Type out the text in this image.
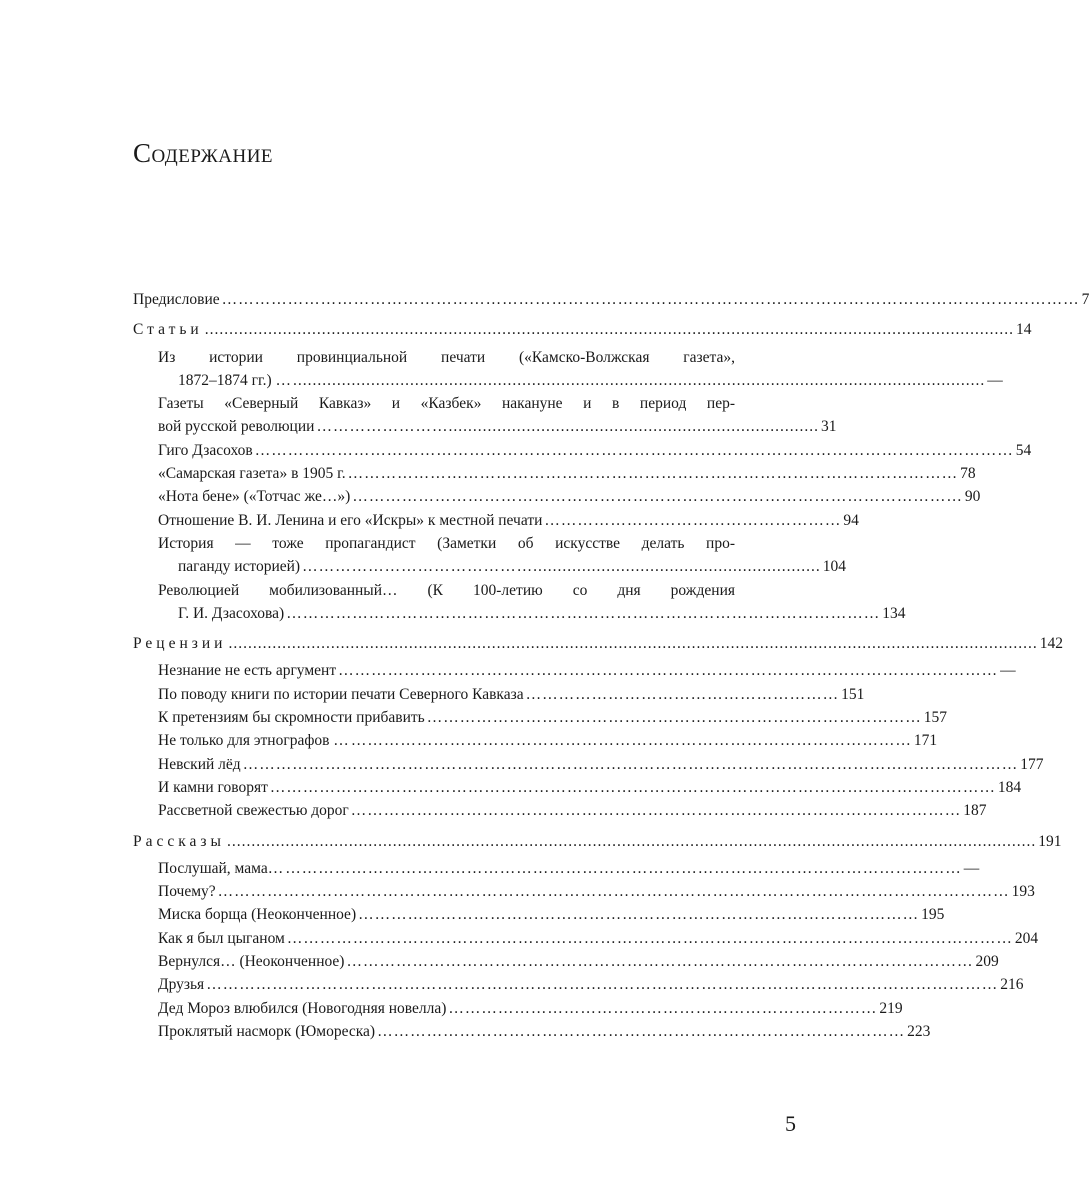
Содержание
Предисловие ………………………………………………………………………………………………………………………………………… 7
Статьи ...................................................................................................................................................................... 14
Из истории провинциальной печати («Камско-Волжская газета»,
1872–1874 гг.) … .............................................................................................................................................. —
Газеты «Северный Кавказ» и «Казбек» накануне и в период пер-
вой русской революции ……………………............................................................................ 31
Гиго Дзасохов ………………………………………………………………………………………………………………………… 54
«Самарская газета» в 1905 г. ………………………………………………………………………………………………… 78
«Нота бене» («Тотчас же…») ………………………………………………………………………………………………… 90
Отношение В. И. Ленина и его «Искры» к местной печати ……………………………………………… 94
История — тоже пропагандист (Заметки об искусстве делать про-
паганду историей) ……………………………………........................................................... 104
Революцией мобилизованный… (К 100-летию со дня рождения
Г. И. Дзасохова) ……………………………………………………………………………………………… 134
Рецензии ...................................................................................................................................................................... 142
Незнание не есть аргумент ………………………………………………………………………………………………………… —
По поводу книги по истории печати Северного Кавказа ………………………………………………… 151
К претензиям бы скромности прибавить ……………………………………………………………………………… 157
Не только для этнографов … ………………………………………………………………………………………… 171
Невский лёд …………………………………………………………………………………………………………………………… 177
И камни говорят …………………………………………………………………………………………………………………… 184
Рассветной свежестью дорог ………………………………………………………………………………………………… 187
Рассказы ...................................................................................................................................................................... 191
Послушай, мама… …………………………………………………………………………………………………………… —
Почему? ……………………………………………………………………………………………………………………………… 193
Миска борща (Неоконченное) ………………………………………………………………………………………… 195
Как я был цыганом …………………………………………………………………………………………………………………… 204
Вернулся… (Неоконченное) …………………………………………………………………………………………………… 209
Друзья ……………………………………………………………………………………………………………………………… 216
Дед Мороз влюбился (Новогодняя новелла) …………………………………………………………………… 219
Проклятый насморк (Юмореска) …………………………………………………………………………………… 223
5
